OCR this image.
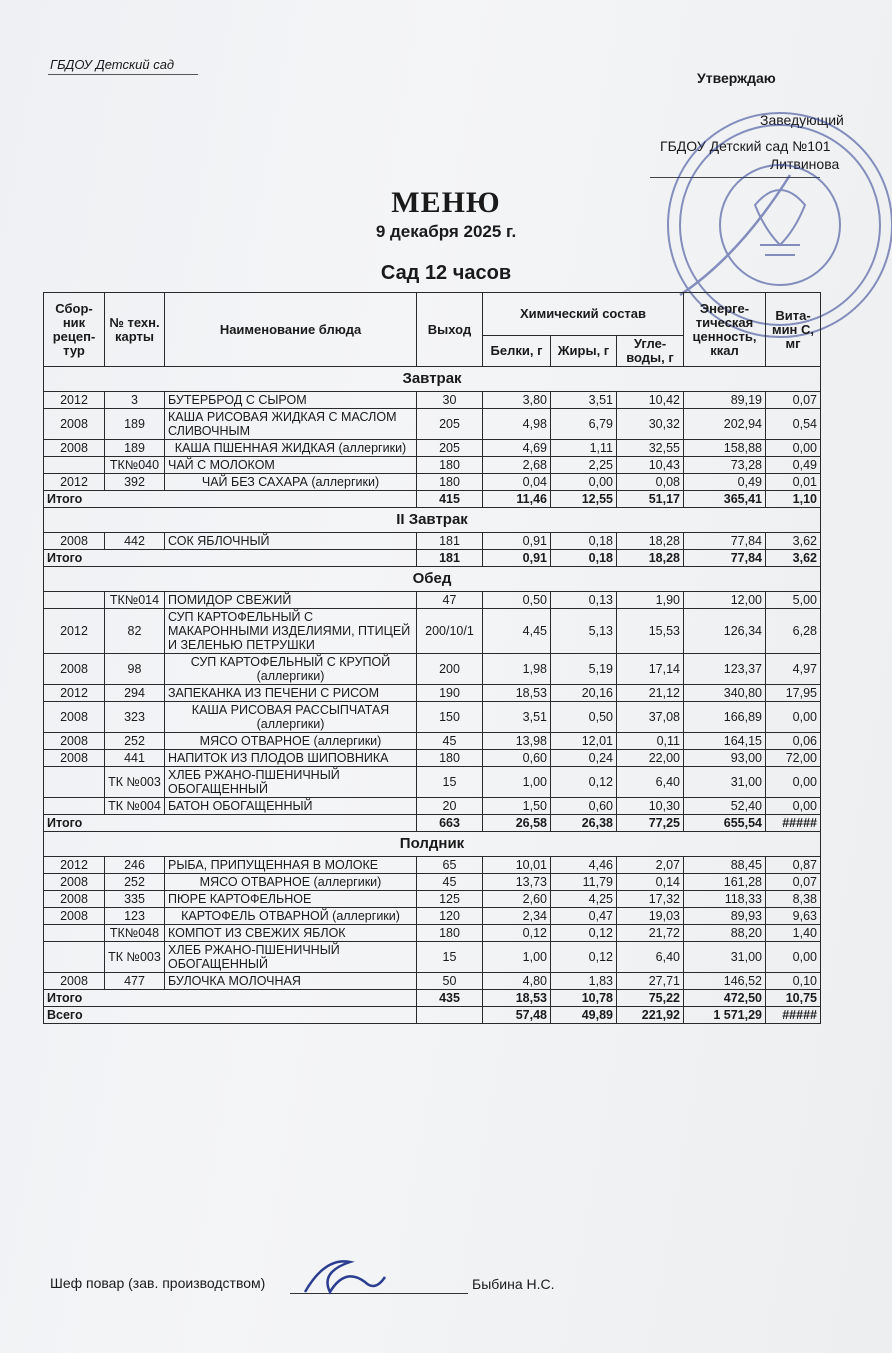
ГБДОУ Детский сад
Утверждаю
Заведующий
ГБДОУ Детский сад №101
Литвинова
МЕНЮ
9 декабря 2025 г.
Сад 12 часов
Сбор-ник рецеп-тур	№ техн. карты	Наименование блюда	Выход	Химический состав			Энерге-тическая ценность, ккал	Вита-мин С, мг
				Белки, г	Жиры, г	Угле-воды, г		
Завтрак								
2012	3	БУТЕРБРОД С СЫРОМ	30	3,80	3,51	10,42	89,19	0,07
2008	189	КАША РИСОВАЯ ЖИДКАЯ С МАСЛОМ СЛИВОЧНЫМ	205	4,98	6,79	30,32	202,94	0,54
2008	189	КАША ПШЕННАЯ ЖИДКАЯ (аллергики)	205	4,69	1,11	32,55	158,88	0,00
	ТК№040	ЧАЙ С МОЛОКОМ	180	2,68	2,25	10,43	73,28	0,49
2012	392	ЧАЙ БЕЗ САХАРА (аллергики)	180	0,04	0,00	0,08	0,49	0,01
Итого			415	11,46	12,55	51,17	365,41	1,10
II Завтрак								
2008	442	СОК ЯБЛОЧНЫЙ	181	0,91	0,18	18,28	77,84	3,62
Итого			181	0,91	0,18	18,28	77,84	3,62
Обед								
	ТК№014	ПОМИДОР СВЕЖИЙ	47	0,50	0,13	1,90	12,00	5,00
2012	82	СУП КАРТОФЕЛЬНЫЙ С МАКАРОННЫМИ ИЗДЕЛИЯМИ, ПТИЦЕЙ И ЗЕЛЕНЬЮ ПЕТРУШКИ	200/10/1	4,45	5,13	15,53	126,34	6,28
2008	98	СУП КАРТОФЕЛЬНЫЙ С КРУПОЙ (аллергики)	200	1,98	5,19	17,14	123,37	4,97
2012	294	ЗАПЕКАНКА ИЗ ПЕЧЕНИ С РИСОМ	190	18,53	20,16	21,12	340,80	17,95
2008	323	КАША РИСОВАЯ РАССЫПЧАТАЯ (аллергики)	150	3,51	0,50	37,08	166,89	0,00
2008	252	МЯСО ОТВАРНОЕ (аллергики)	45	13,98	12,01	0,11	164,15	0,06
2008	441	НАПИТОК ИЗ ПЛОДОВ ШИПОВНИКА	180	0,60	0,24	22,00	93,00	72,00
	ТК №003	ХЛЕБ РЖАНО-ПШЕНИЧНЫЙ ОБОГАЩЕННЫЙ	15	1,00	0,12	6,40	31,00	0,00
	ТК №004	БАТОН ОБОГАЩЕННЫЙ	20	1,50	0,60	10,30	52,40	0,00
Итого			663	26,58	26,38	77,25	655,54	#####
Полдник								
2012	246	РЫБА, ПРИПУЩЕННАЯ В МОЛОКЕ	65	10,01	4,46	2,07	88,45	0,87
2008	252	МЯСО ОТВАРНОЕ (аллергики)	45	13,73	11,79	0,14	161,28	0,07
2008	335	ПЮРЕ КАРТОФЕЛЬНОЕ	125	2,60	4,25	17,32	118,33	8,38
2008	123	КАРТОФЕЛЬ ОТВАРНОЙ (аллергики)	120	2,34	0,47	19,03	89,93	9,63
	ТК№048	КОМПОТ ИЗ СВЕЖИХ ЯБЛОК	180	0,12	0,12	21,72	88,20	1,40
	ТК №003	ХЛЕБ РЖАНО-ПШЕНИЧНЫЙ ОБОГАЩЕННЫЙ	15	1,00	0,12	6,40	31,00	0,00
2008	477	БУЛОЧКА МОЛОЧНАЯ	50	4,80	1,83	27,71	146,52	0,10
Итого			435	18,53	10,78	75,22	472,50	10,75
Всего				57,48	49,89	221,92	1 571,29	#####
Шеф повар (зав. производством)	Быбина Н.С.
